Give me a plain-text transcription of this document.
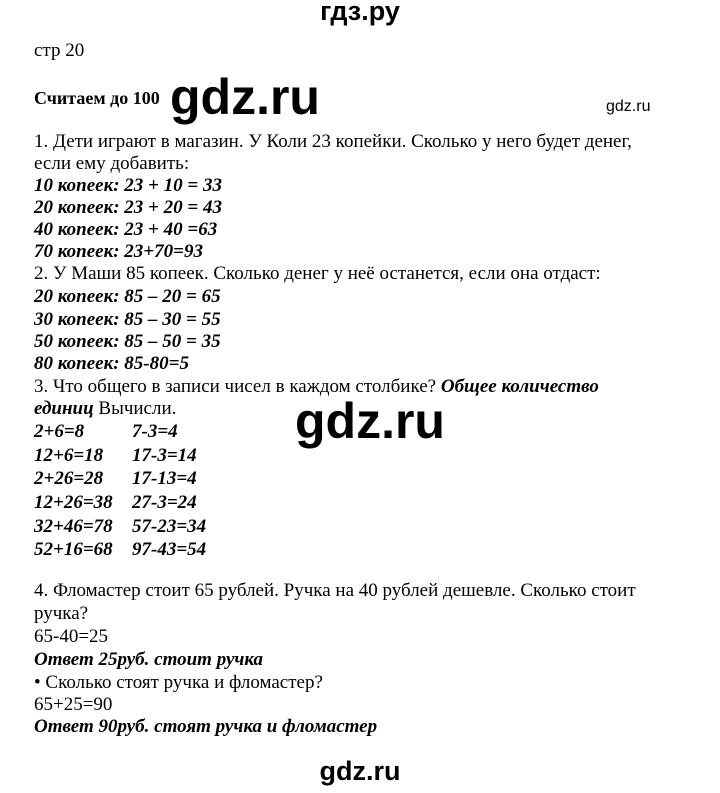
гдз.ру
gdz.ru	gdz.ru
gdz.ru
gdz.ru
стр 20
Считаем до 100
1. Дети играют в магазин. У Коли 23 копейки. Сколько у него будет денег,
если ему добавить:
10 копеек: 23 + 10 = 33
20 копеек: 23 + 20 = 43
40 копеек: 23 + 40 =63
70 копеек: 23+70=93
2. У Маши 85 копеек. Сколько денег у неё останется, если она отдаст:
20 копеек: 85 – 20 = 65
30 копеек: 85 – 30 = 55
50 копеек: 85 – 50 = 35
80 копеек: 85-80=5
3. Что общего в записи чисел в каждом столбике? Общее количество
единиц Вычисли.
2+6=8	7-3=4
12+6=18	17-3=14
2+26=28	17-13=4
12+26=38	27-3=24
32+46=78	57-23=34
52+16=68	97-43=54
4. Фломастер стоит 65 рублей. Ручка на 40 рублей дешевле. Сколько стоит
ручка?
65-40=25
Ответ 25руб. стоит ручка
• Сколько стоят ручка и фломастер?
65+25=90
Ответ 90руб. стоят ручка и фломастер
